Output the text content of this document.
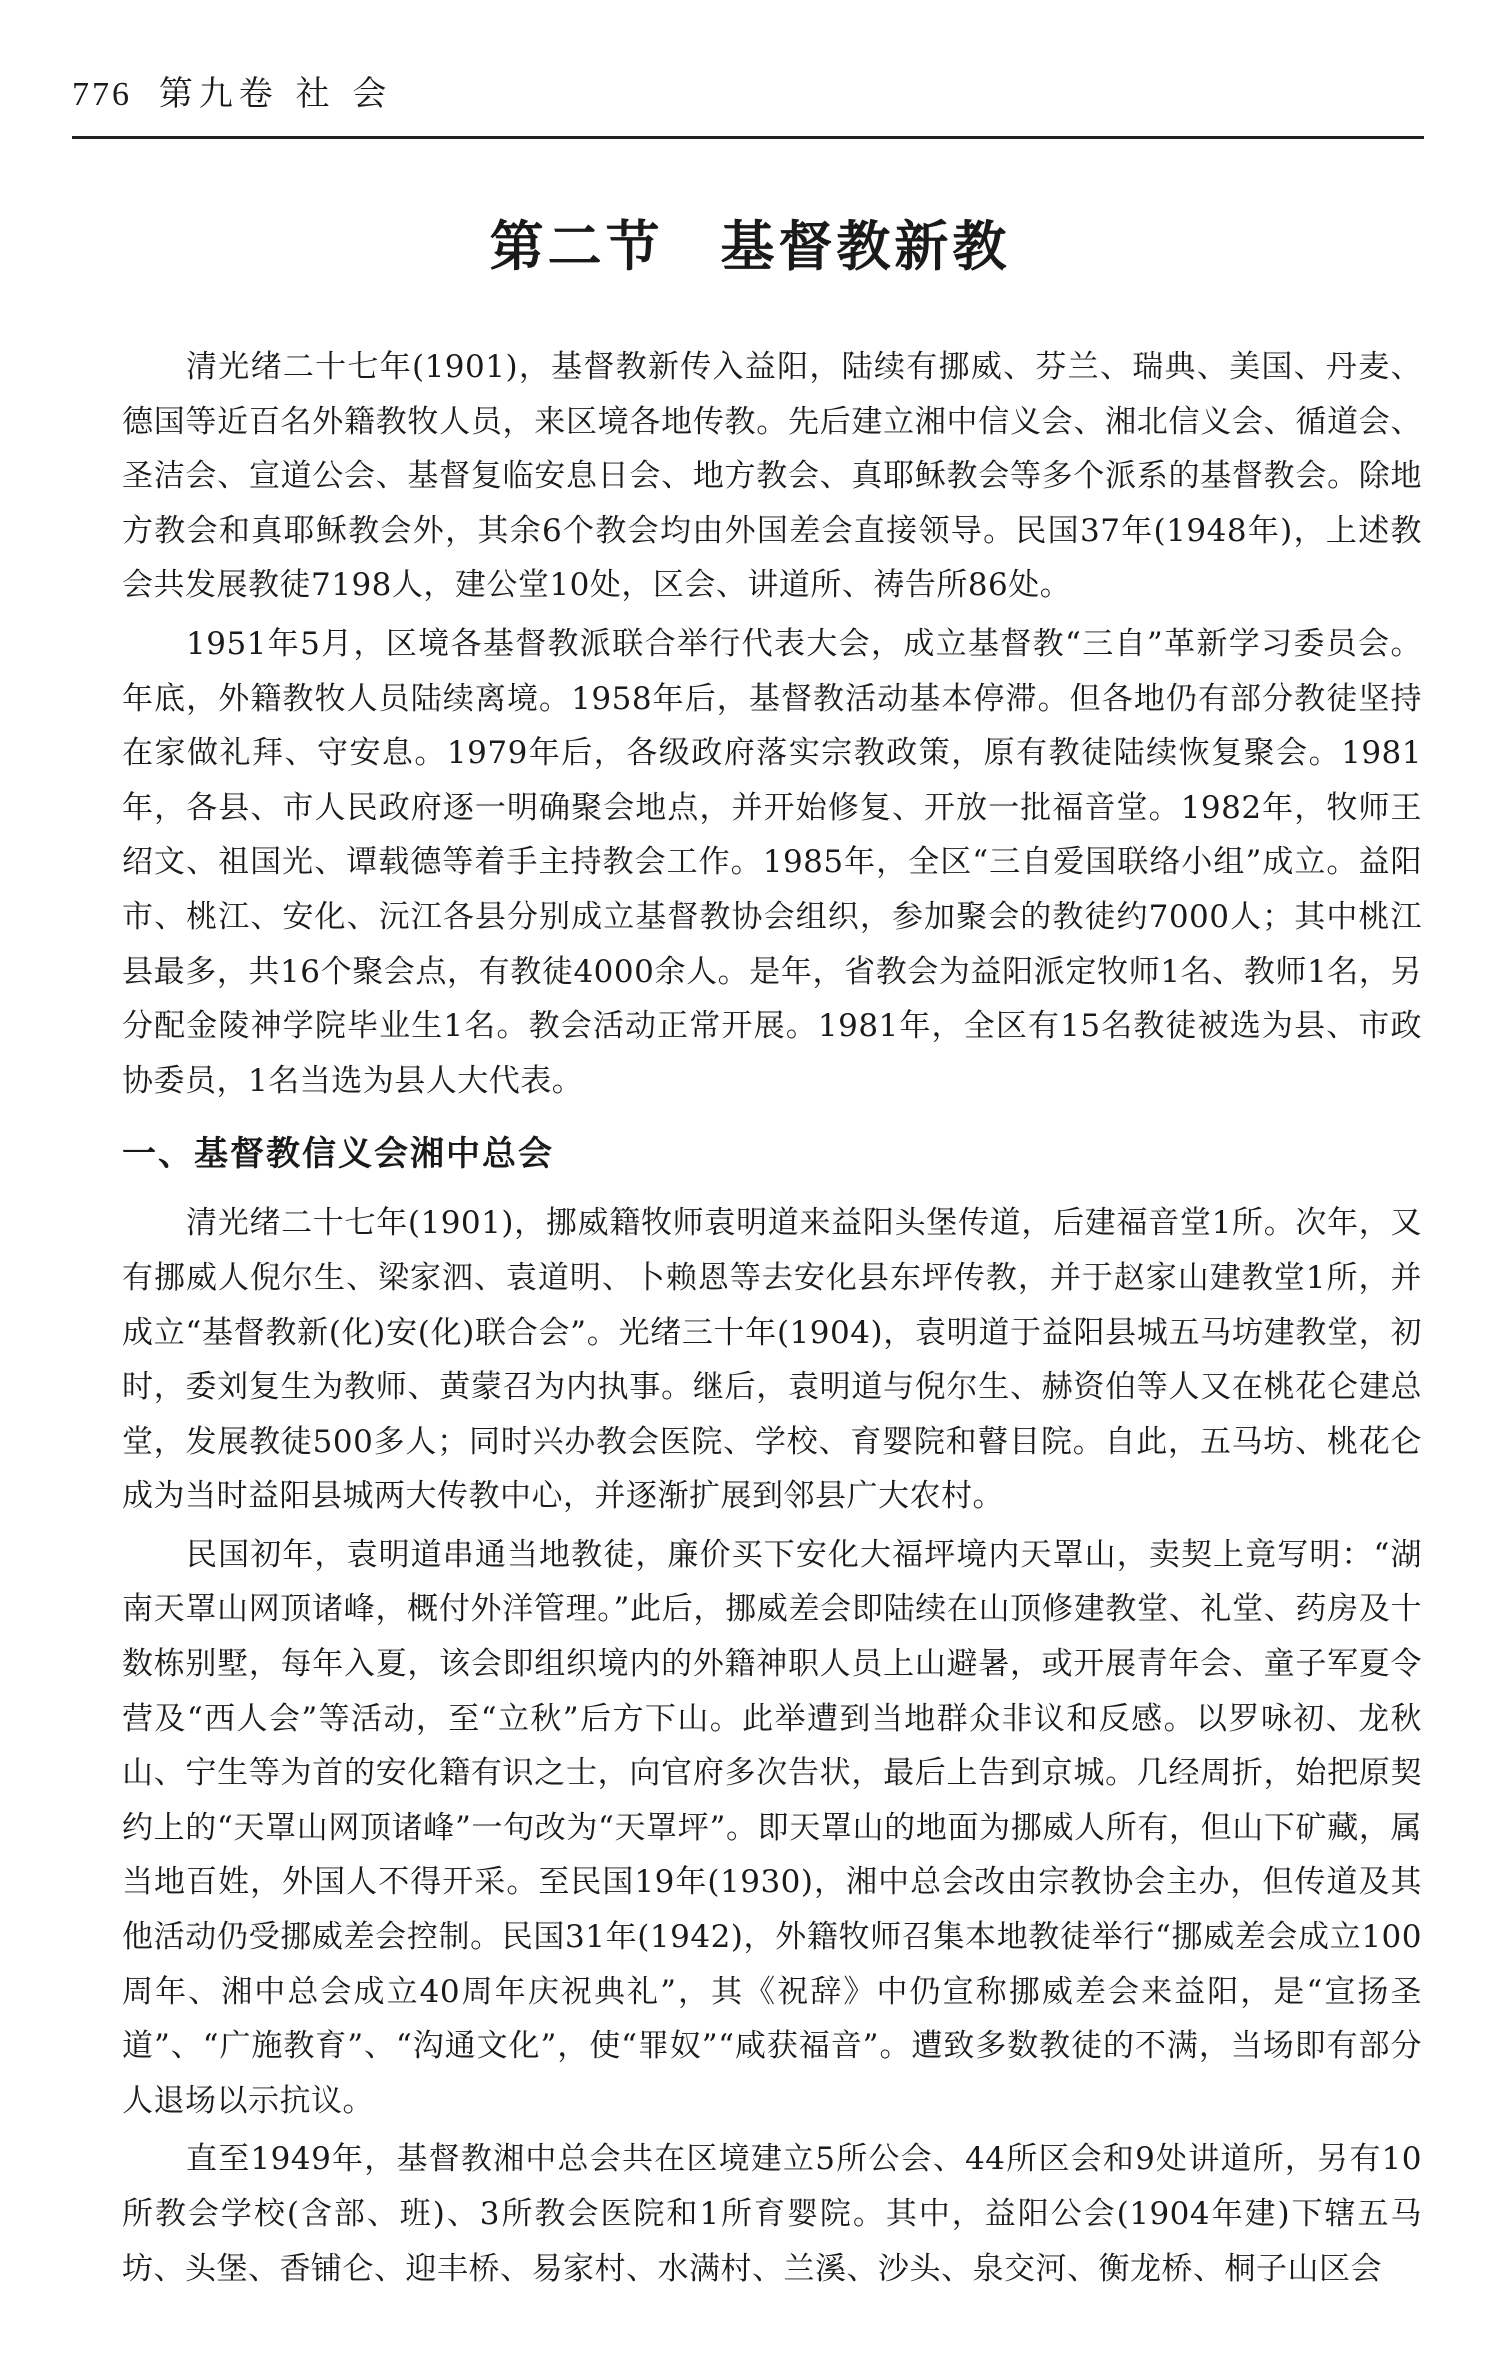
776 第九卷 社 会
第二节 基督教新教

清光绪二十七年(1901)，基督教新传入益阳，陆续有挪威、芬兰、瑞典、美国、丹麦、德国等近百名外籍教牧人员，来区境各地传教。先后建立湘中信义会、湘北信义会、循道会、圣洁会、宣道公会、基督复临安息日会、地方教会、真耶稣教会等多个派系的基督教会。除地方教会和真耶稣教会外，其余6个教会均由外国差会直接领导。民国37年(1948年)，上述教会共发展教徒7198人，建公堂10处，区会、讲道所、祷告所86处。

1951年5月，区境各基督教派联合举行代表大会，成立基督教“三自”革新学习委员会。年底，外籍教牧人员陆续离境。1958年后，基督教活动基本停滞。但各地仍有部分教徒坚持在家做礼拜、守安息。1979年后，各级政府落实宗教政策，原有教徒陆续恢复聚会。1981年，各县、市人民政府逐一明确聚会地点，并开始修复、开放一批福音堂。1982年，牧师王绍文、祖国光、谭载德等着手主持教会工作。1985年，全区“三自爱国联络小组”成立。益阳市、桃江、安化、沅江各县分别成立基督教协会组织，参加聚会的教徒约7000人；其中桃江县最多，共16个聚会点，有教徒4000余人。是年，省教会为益阳派定牧师1名、教师1名，另分配金陵神学院毕业生1名。教会活动正常开展。1981年，全区有15名教徒被选为县、市政协委员，1名当选为县人大代表。

一、基督教信义会湘中总会

清光绪二十七年(1901)，挪威籍牧师袁明道来益阳头堡传道，后建福音堂1所。次年，又有挪威人倪尔生、梁家泗、袁道明、卜赖恩等去安化县东坪传教，并于赵家山建教堂1所，并成立“基督教新(化)安(化)联合会”。光绪三十年(1904)，袁明道于益阳县城五马坊建教堂，初时，委刘复生为教师、黄蒙召为内执事。继后，袁明道与倪尔生、赫资伯等人又在桃花仑建总堂，发展教徒500多人；同时兴办教会医院、学校、育婴院和瞽目院。自此，五马坊、桃花仑成为当时益阳县城两大传教中心，并逐渐扩展到邻县广大农村。

民国初年，袁明道串通当地教徒，廉价买下安化大福坪境内天罩山，卖契上竟写明：“湖南天罩山网顶诸峰，概付外洋管理。”此后，挪威差会即陆续在山顶修建教堂、礼堂、药房及十数栋别墅，每年入夏，该会即组织境内的外籍神职人员上山避暑，或开展青年会、童子军夏令营及“西人会”等活动，至“立秋”后方下山。此举遭到当地群众非议和反感。以罗咏初、龙秋山、宁生等为首的安化籍有识之士，向官府多次告状，最后上告到京城。几经周折，始把原契约上的“天罩山网顶诸峰”一句改为“天罩坪”。即天罩山的地面为挪威人所有，但山下矿藏，属当地百姓，外国人不得开采。至民国19年(1930)，湘中总会改由宗教协会主办，但传道及其他活动仍受挪威差会控制。民国31年(1942)，外籍牧师召集本地教徒举行“挪威差会成立100周年、湘中总会成立40周年庆祝典礼”，其《祝辞》中仍宣称挪威差会来益阳，是“宣扬圣道”、“广施教育”、“沟通文化”，使“罪奴”“咸获福音”。遭致多数教徒的不满，当场即有部分人退场以示抗议。

直至1949年，基督教湘中总会共在区境建立5所公会、44所区会和9处讲道所，另有10所教会学校(含部、班)、3所教会医院和1所育婴院。其中，益阳公会(1904年建)下辖五马坊、头堡、香铺仑、迎丰桥、易家村、水满村、兰溪、沙头、泉交河、衡龙桥、桐子山区会
